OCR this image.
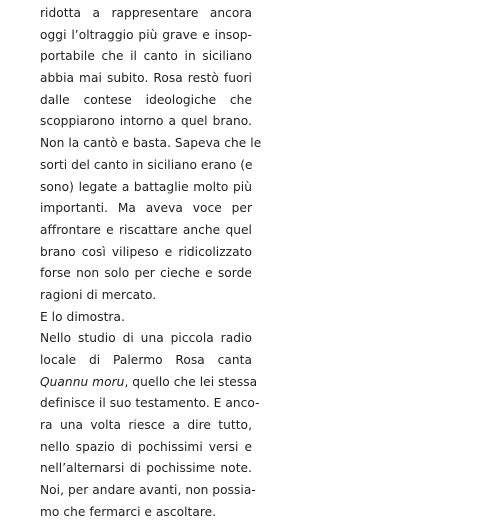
ridotta a rappresentare ancora
oggi l’oltraggio più grave e insop-
portabile che il canto in siciliano
abbia mai subito. Rosa restò fuori
dalle contese ideologiche che
scoppiarono intorno a quel brano.
Non la cantò e basta. Sapeva che le
sorti del canto in siciliano erano (e
sono) legate a battaglie molto più
importanti. Ma aveva voce per
affrontare e riscattare anche quel
brano così vilipeso e ridicolizzato
forse non solo per cieche e sorde
ragioni di mercato.
E lo dimostra.
Nello studio di una piccola radio
locale di Palermo Rosa canta
Quannu moru, quello che lei stessa
definisce il suo testamento. E anco-
ra una volta riesce a dire tutto,
nello spazio di pochissimi versi e
nell’alternarsi di pochissime note.
Noi, per andare avanti, non possia-
mo che fermarci e ascoltare.
